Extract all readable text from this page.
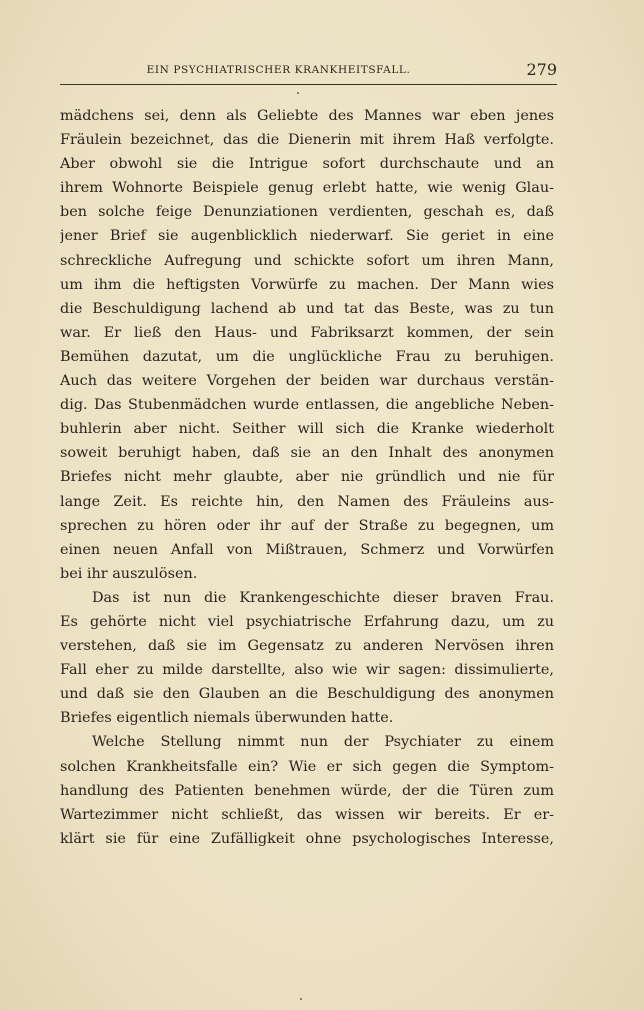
EIN PSYCHIATRISCHER KRANKHEITSFALL.	279
mädchens sei, denn als Geliebte des Mannes war eben jenes
Fräulein bezeichnet, das die Dienerin mit ihrem Haß verfolgte.
Aber obwohl sie die Intrigue sofort durchschaute und an
ihrem Wohnorte Beispiele genug erlebt hatte, wie wenig Glau-
ben solche feige Denunziationen verdienten, geschah es, daß
jener Brief sie augenblicklich niederwarf. Sie geriet in eine
schreckliche Aufregung und schickte sofort um ihren Mann,
um ihm die heftigsten Vorwürfe zu machen. Der Mann wies
die Beschuldigung lachend ab und tat das Beste, was zu tun
war. Er ließ den Haus- und Fabriksarzt kommen, der sein
Bemühen dazutat, um die unglückliche Frau zu beruhigen.
Auch das weitere Vorgehen der beiden war durchaus verstän-
dig. Das Stubenmädchen wurde entlassen, die angebliche Neben-
buhlerin aber nicht. Seither will sich die Kranke wiederholt
soweit beruhigt haben, daß sie an den Inhalt des anonymen
Briefes nicht mehr glaubte, aber nie gründlich und nie für
lange Zeit. Es reichte hin, den Namen des Fräuleins aus-
sprechen zu hören oder ihr auf der Straße zu begegnen, um
einen neuen Anfall von Mißtrauen, Schmerz und Vorwürfen
bei ihr auszulösen.
Das ist nun die Krankengeschichte dieser braven Frau.
Es gehörte nicht viel psychiatrische Erfahrung dazu, um zu
verstehen, daß sie im Gegensatz zu anderen Nervösen ihren
Fall eher zu milde darstellte, also wie wir sagen: dissimulierte,
und daß sie den Glauben an die Beschuldigung des anonymen
Briefes eigentlich niemals überwunden hatte.
Welche Stellung nimmt nun der Psychiater zu einem
solchen Krankheitsfalle ein? Wie er sich gegen die Symptom-
handlung des Patienten benehmen würde, der die Türen zum
Wartezimmer nicht schließt, das wissen wir bereits. Er er-
klärt sie für eine Zufälligkeit ohne psychologisches Interesse,
